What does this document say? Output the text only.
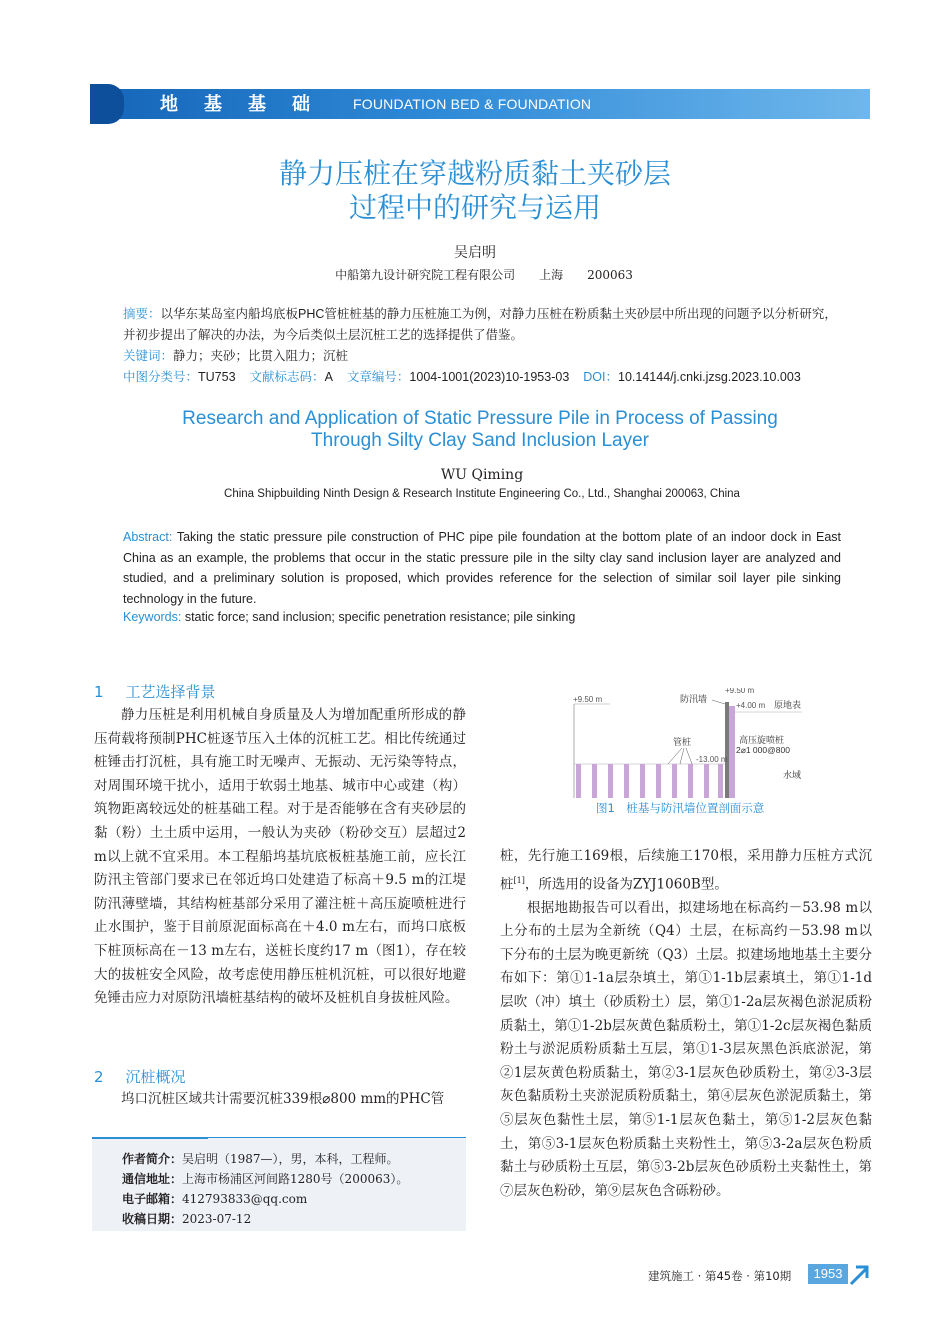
地基基础 FOUNDATION BED & FOUNDATION
静力压桩在穿越粉质黏土夹砂层
过程中的研究与运用
吴启明
中船第九设计研究院工程有限公司 上海 200063
摘要：以华东某岛室内船坞底板PHC管桩桩基的静力压桩施工为例，对静力压桩在粉质黏土夹砂层中所出现的问题予以分析研究，并初步提出了解决的办法，为今后类似土层沉桩工艺的选择提供了借鉴。
关键词：静力；夹砂；比贯入阻力；沉桩
中图分类号：TU753 文献标志码：A 文章编号：1004-1001(2023)10-1953-03 DOI：10.14144/j.cnki.jzsg.2023.10.003
Research and Application of Static Pressure Pile in Process of Passing
Through Silty Clay Sand Inclusion Layer
WU Qiming
China Shipbuilding Ninth Design & Research Institute Engineering Co., Ltd., Shanghai 200063, China
Abstract: Taking the static pressure pile construction of PHC pipe pile foundation at the bottom plate of an indoor dock in East China as an example, the problems that occur in the static pressure pile in the silty clay sand inclusion layer are analyzed and studied, and a preliminary solution is proposed, which provides reference for the selection of similar soil layer pile sinking technology in the future.
Keywords: static force; sand inclusion; specific penetration resistance; pile sinking
1 工艺选择背景

静力压桩是利用机械自身质量及人为增加配重所形成的静压荷载将预制PHC桩逐节压入土体的沉桩工艺。相比传统通过桩锤击打沉桩，具有施工时无噪声、无振动、无污染等特点，对周围环境干扰小，适用于软弱土地基、城市中心或建（构）筑物距离较远处的桩基础工程。对于是否能够在含有夹砂层的黏（粉）土土质中运用，一般认为夹砂（粉砂交互）层超过2 m以上就不宜采用。本工程船坞基坑底板桩基施工前，应长江防汛主管部门要求已在邻近坞口处建造了标高＋9.5 m的江堤防汛薄壁墙，其结构桩基部分采用了灌注桩＋高压旋喷桩进行止水围护，鉴于目前原泥面标高在＋4.0 m左右，而坞口底板下桩顶标高在－13 m左右，送桩长度约17 m（图1），存在较大的拔桩安全风险，故考虑使用静压桩机沉桩，可以很好地避免锤击应力对原防汛墙桩基结构的破坏及桩机自身拔桩风险。

2 沉桩概况

坞口沉桩区域共计需要沉桩339根⌀800 mm的PHC管

作者简介：吴启明（1987—），男，本科，工程师。
通信地址：上海市杨浦区河间路1280号（200063）。
电子邮箱：412793833@qq.com
收稿日期：2023-07-12
+9.50 m	防汛墙
+9.50 m
+4.00 m 原地表
高压旋喷桩
2⌀1 000@800
管桩
-13.00 m
水域
图1　桩基与防汛墙位置剖面示意

桩，先行施工169根，后续施工170根，采用静力压桩方式沉桩[1]，所选用的设备为ZYJ1060B型。

根据地勘报告可以看出，拟建场地在标高约－53.98 m以上分布的土层为全新统（Q4）土层，在标高约－53.98 m以下分布的土层为晚更新统（Q3）土层。拟建场地地基土主要分布如下：第①1-1a层杂填土，第①1-1b层素填土，第①1-1d层吹（冲）填土（砂质粉土）层，第①1-2a层灰褐色淤泥质粉质黏土，第①1-2b层灰黄色黏质粉土，第①1-2c层灰褐色黏质粉土与淤泥质粉质黏土互层，第①1-3层灰黑色浜底淤泥，第②1层灰黄色粉质黏土，第②3-1层灰色砂质粉土，第②3-3层灰色黏质粉土夹淤泥质粉质黏土，第④层灰色淤泥质黏土，第⑤层灰色黏性土层，第⑤1-1层灰色黏土，第⑤1-2层灰色黏土，第⑤3-1层灰色粉质黏土夹粉性土，第⑤3-2a层灰色粉质黏土与砂质粉土互层，第⑤3-2b层灰色砂质粉土夹黏性土，第⑦层灰色粉砂，第⑨层灰色含砾粉砂。

建筑施工 · 第45卷 · 第10期	1953
